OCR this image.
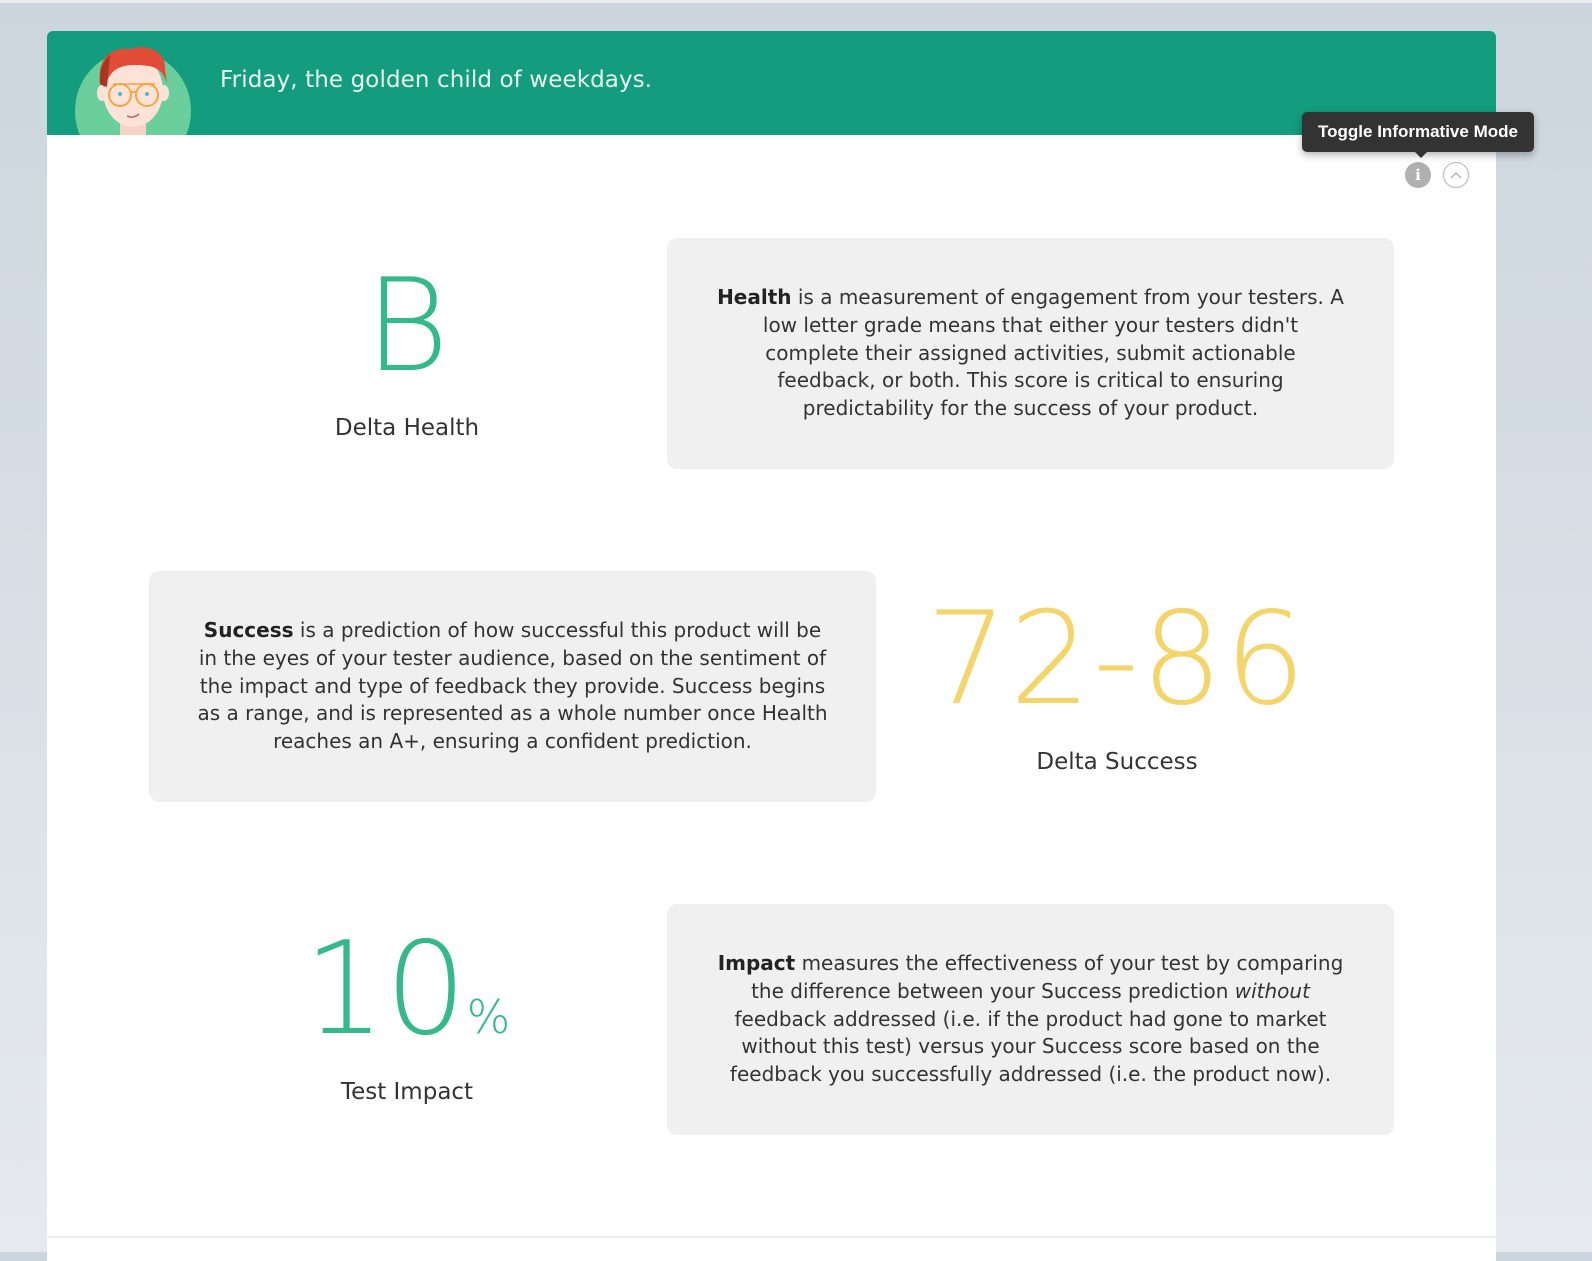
Friday, the golden child of weekdays.
Toggle Informative Mode
i
B
Delta Health

Health is a measurement of engagement from your testers. A low letter grade means that either your testers didn't complete their assigned activities, submit actionable feedback, or both. This score is critical to ensuring predictability for the success of your product.

Success is a prediction of how successful this product will be in the eyes of your tester audience, based on the sentiment of the impact and type of feedback they provide. Success begins as a range, and is represented as a whole number once Health reaches an A+, ensuring a confident prediction.

72-86
Delta Success
10%
Test Impact

Impact measures the effectiveness of your test by comparing the difference between your Success prediction without feedback addressed (i.e. if the product had gone to market without this test) versus your Success score based on the feedback you successfully addressed (i.e. the product now).
